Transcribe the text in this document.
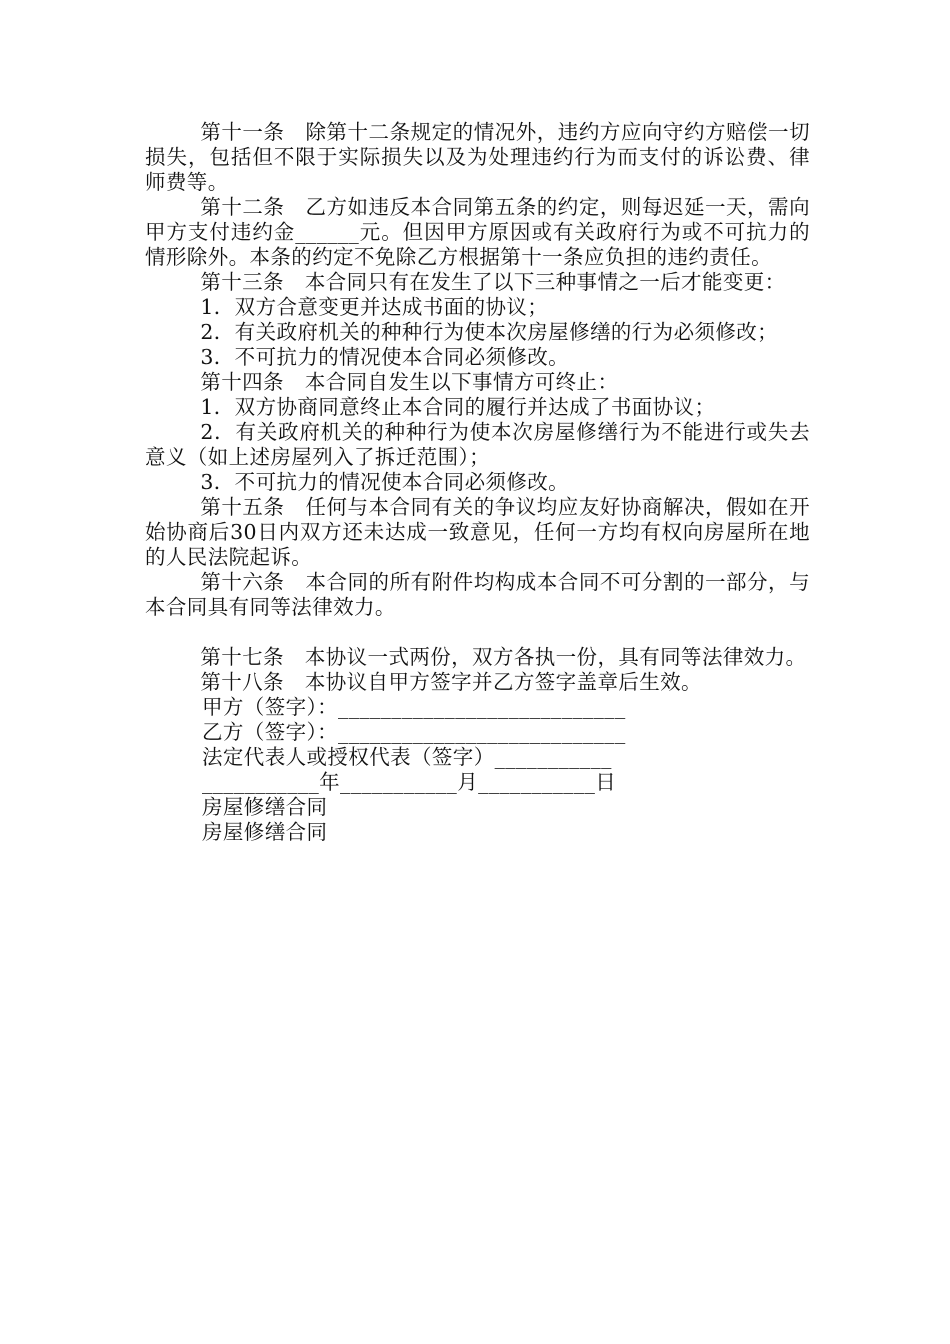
第十一条　除第十二条规定的情况外，违约方应向守约方赔偿一切损失，包括但不限于实际损失以及为处理违约行为而支付的诉讼费、律师费等。

第十二条　乙方如违反本合同第五条的约定，则每迟延一天，需向甲方支付违约金______元。但因甲方原因或有关政府行为或不可抗力的情形除外。本条的约定不免除乙方根据第十一条应负担的违约责任。

第十三条　本合同只有在发生了以下三种事情之一后才能变更：

1．双方合意变更并达成书面的协议；

2．有关政府机关的种种行为使本次房屋修缮的行为必须修改；

3．不可抗力的情况使本合同必须修改。

第十四条　本合同自发生以下事情方可终止：

1．双方协商同意终止本合同的履行并达成了书面协议；

2．有关政府机关的种种行为使本次房屋修缮行为不能进行或失去意义（如上述房屋列入了拆迁范围）；

3．不可抗力的情况使本合同必须修改。

第十五条　任何与本合同有关的争议均应友好协商解决，假如在开始协商后30日内双方还未达成一致意见，任何一方均有权向房屋所在地的人民法院起诉。

第十六条　本合同的所有附件均构成本合同不可分割的一部分，与本合同具有同等法律效力。

第十七条　本协议一式两份，双方各执一份，具有同等法律效力。

第十八条　本协议自甲方签字并乙方签字盖章后生效。

甲方（签字）：___________________________

乙方（签字）：___________________________

法定代表人或授权代表（签字）___________

___________年___________月___________日

房屋修缮合同

房屋修缮合同
